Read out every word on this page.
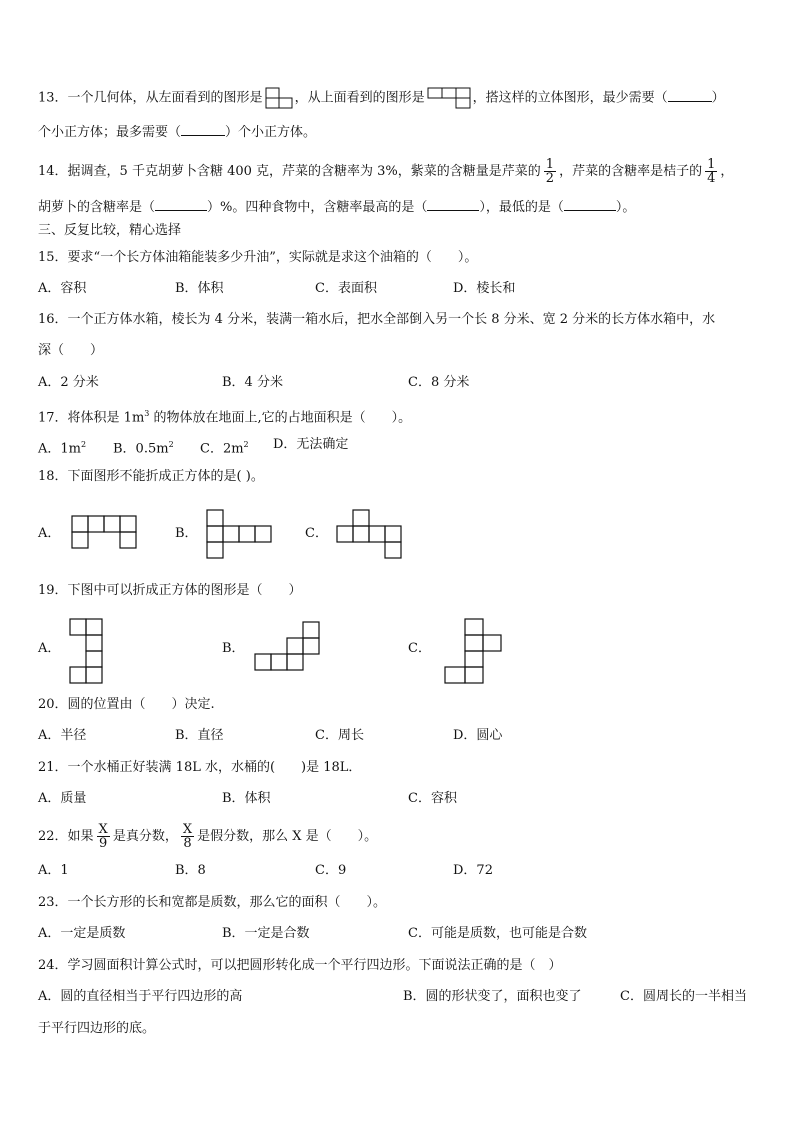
13．一个几何体，从左面看到的图形是 ，从上面看到的图形是	，搭这样的立体图形，最少需要（	）
个小正方体；最多需要（	）个小正方体。
14．据调查，5 千克胡萝卜含糖 400 克，芹菜的含糖率为 3%，紫菜的含糖量是芹菜的 $\frac{1}{2}$ ，芹菜的含糖率是桔子的 $\frac{1}{4}$ ，
胡萝卜的含糖率是（	）%。四种食物中，含糖率最高的是（	），最低的是（	）。
三、反复比较，精心选择
15．要求“一个长方体油箱能装多少升油”，实际就是求这个油箱的（　　）。
A．容积	B．体积	C．表面积	D．棱长和
16．一个正方体水箱，棱长为 4 分米，装满一箱水后，把水全部倒入另一个长 8 分米、宽 2 分米的长方体水箱中，水
深（　　）
A．2 分米	B．4 分米	C．8 分米
17．将体积是 $1m^3$ 的物体放在地面上,它的占地面积是（　　）。
A．$1m^2$ B．$0.5m^2$ C．$2m^2$ D．无法确定
18．下面图形不能折成正方体的是( )。
A．	B．	C．
19．下图中可以折成正方体的图形是（　　）
A．	B．	C．
20．圆的位置由（　　）决定.
A．半径	B．直径	C．周长	D．圆心
21．一个水桶正好装满 18L 水，水桶的(　　)是 18L．
A．质量	B．体积	C．容积
22．如果 $\frac{X}{9}$ 是真分数， $\frac{X}{8}$ 是假分数，那么 X 是（　　）。
A．1	B．8	C．9	D．72
23．一个长方形的长和宽都是质数，那么它的面积（　　）。
A．一定是质数	B．一定是合数	C．可能是质数，也可能是合数
24．学习圆面积计算公式时，可以把圆形转化成一个平行四边形。下面说法正确的是（　）
A．圆的直径相当于平行四边形的高	B．圆的形状变了，面积也变了	C．圆周长的一半相当
于平行四边形的底。
